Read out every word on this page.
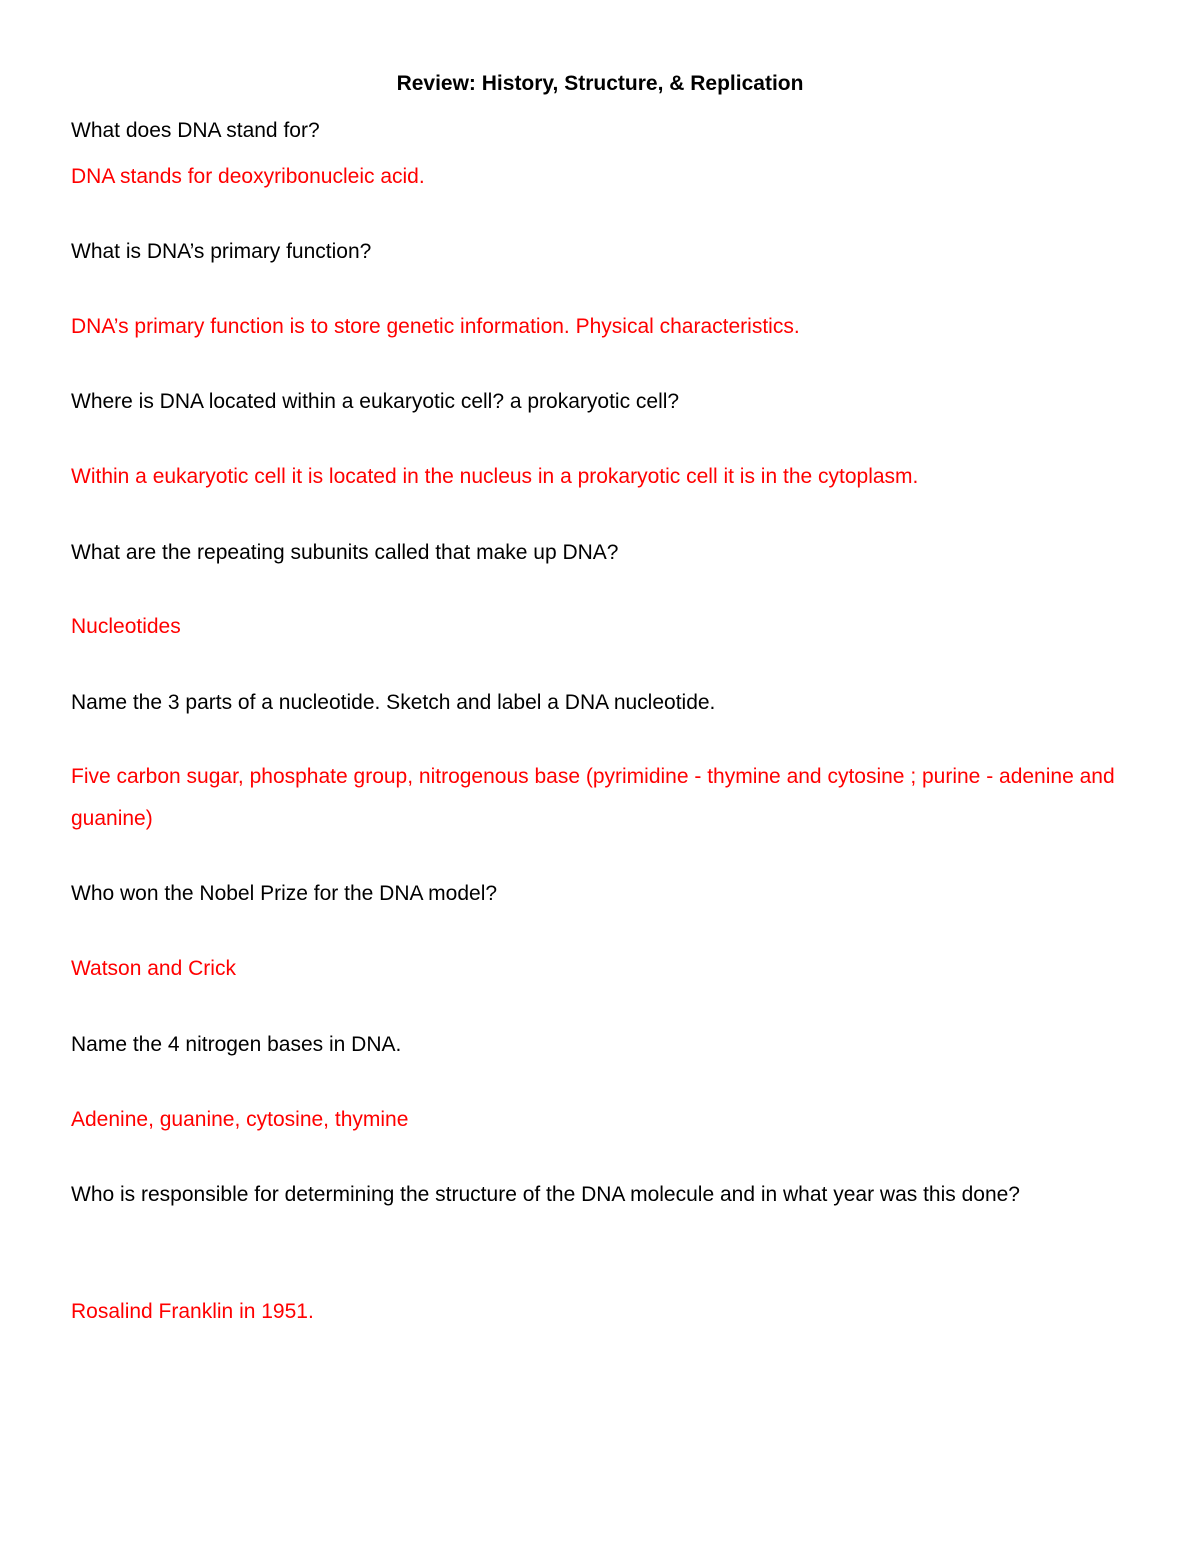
Review: History, Structure, & Replication
What does DNA stand for?
DNA stands for deoxyribonucleic acid.
What is DNA’s primary function?
DNA’s primary function is to store genetic information. Physical characteristics.
Where is DNA located within a eukaryotic cell? a prokaryotic cell?
Within a eukaryotic cell it is located in the nucleus in a prokaryotic cell it is in the cytoplasm.
What are the repeating subunits called that make up DNA?
Nucleotides
Name the 3 parts of a nucleotide. Sketch and label a DNA nucleotide.
Five carbon sugar, phosphate group, nitrogenous base (pyrimidine - thymine and cytosine ; purine - adenine and guanine)
Who won the Nobel Prize for the DNA model?
Watson and Crick
Name the 4 nitrogen bases in DNA.
Adenine, guanine, cytosine, thymine
Who is responsible for determining the structure of the DNA molecule and in what year was this done?
Rosalind Franklin in 1951.
